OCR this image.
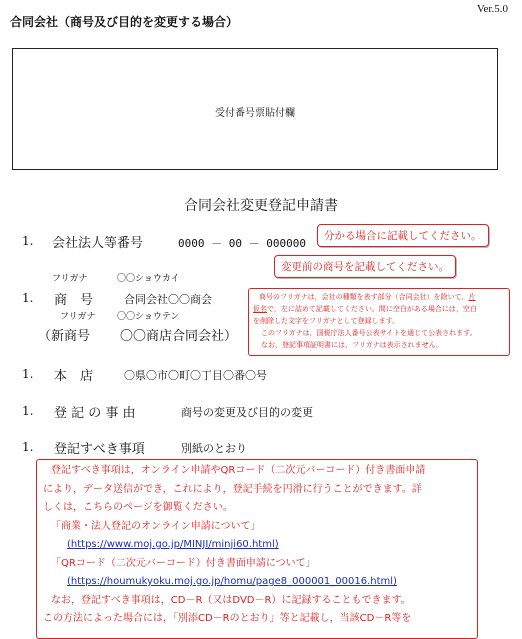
Ver.5.0
合同会社（商号及び目的を変更する場合）
受付番号票貼付欄
合同会社変更登記申請書
1. 会社法人等番号	0000 － 00 － 000000
分かる場合に記載してください。
変更前の商号を記載してください。
フリガナ	〇〇ショウカイ
1. 商　号	合同会社〇〇商会
フリガナ 〇〇ショウテン
（新商号 〇〇商店合同会社）
商号のフリガナは，会社の種類を表す部分（合同会社）を除いて，片
仮名で，左に詰めて記載してください。間に空白がある場合には，空白
を削除した文字をフリガナとして登録します。
このフリガナは，国税庁法人番号公表サイトを通じて公表されます。
なお，登記事項証明書には，フリガナは表示されません。
1. 本　店	〇県〇市〇町〇丁目〇番〇号
1. 登 記 の 事 由	商号の変更及び目的の変更
1. 登記すべき事項	別紙のとおり

登記すべき事項は，オンライン申請やQRコード（二次元バーコード）付き書面申請

により，データ送信ができ，これにより，登記手続を円滑に行うことができます。詳

しくは，こちらのページを御覧ください。

「商業・法人登記のオンライン申請について」

(https://www.moj.go.jp/MINJI/minji60.html)

「QRコード（二次元バーコード）付き書面申請について」

(https://houmukyoku.moj.go.jp/homu/page8_000001_00016.html)

なお，登記すべき事項は，CD－R（又はDVD－R）に記録することもできます。

この方法によった場合には，「別添CD－Rのとおり」等と記載し，当該CD－R等を
